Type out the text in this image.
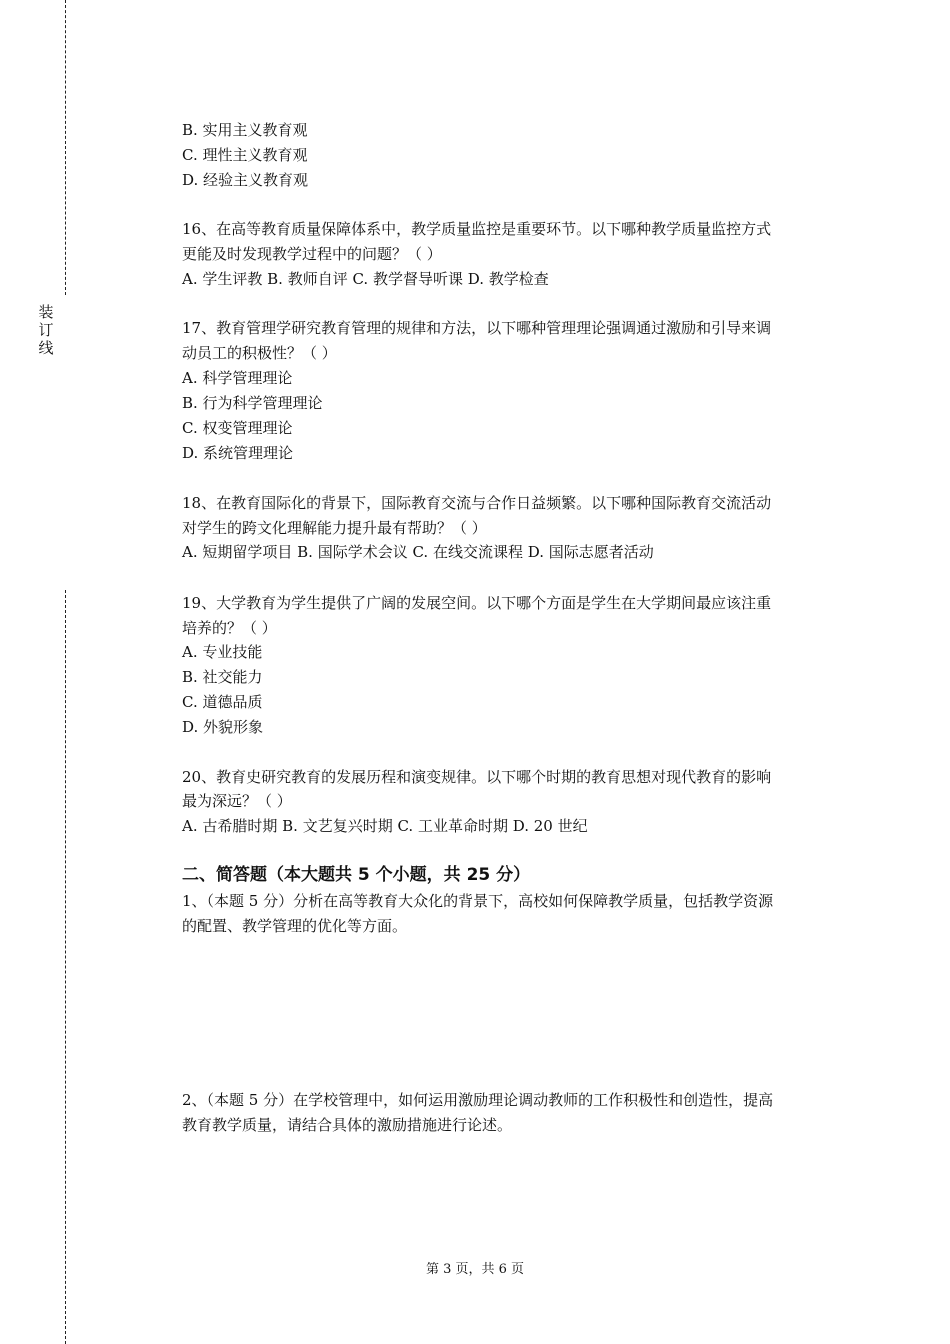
装订线
B. 实用主义教育观
C. 理性主义教育观
D. 经验主义教育观
16、在高等教育质量保障体系中，教学质量监控是重要环节。以下哪种教学质量监控方式
更能及时发现教学过程中的问题？（ ）
A. 学生评教 B. 教师自评 C. 教学督导听课 D. 教学检查
17、教育管理学研究教育管理的规律和方法，以下哪种管理理论强调通过激励和引导来调
动员工的积极性？（ ）
A. 科学管理理论
B. 行为科学管理理论
C. 权变管理理论
D. 系统管理理论
18、在教育国际化的背景下，国际教育交流与合作日益频繁。以下哪种国际教育交流活动
对学生的跨文化理解能力提升最有帮助？（ ）
A. 短期留学项目 B. 国际学术会议 C. 在线交流课程 D. 国际志愿者活动
19、大学教育为学生提供了广阔的发展空间。以下哪个方面是学生在大学期间最应该注重
培养的？（ ）
A. 专业技能
B. 社交能力
C. 道德品质
D. 外貌形象
20、教育史研究教育的发展历程和演变规律。以下哪个时期的教育思想对现代教育的影响
最为深远？（ ）
A. 古希腊时期 B. 文艺复兴时期 C. 工业革命时期 D. 20 世纪
二、简答题（本大题共 5 个小题，共 25 分）
1、（本题 5 分）分析在高等教育大众化的背景下，高校如何保障教学质量，包括教学资源
的配置、教学管理的优化等方面。
2、（本题 5 分）在学校管理中，如何运用激励理论调动教师的工作积极性和创造性，提高
教育教学质量，请结合具体的激励措施进行论述。
第 3 页，共 6 页
